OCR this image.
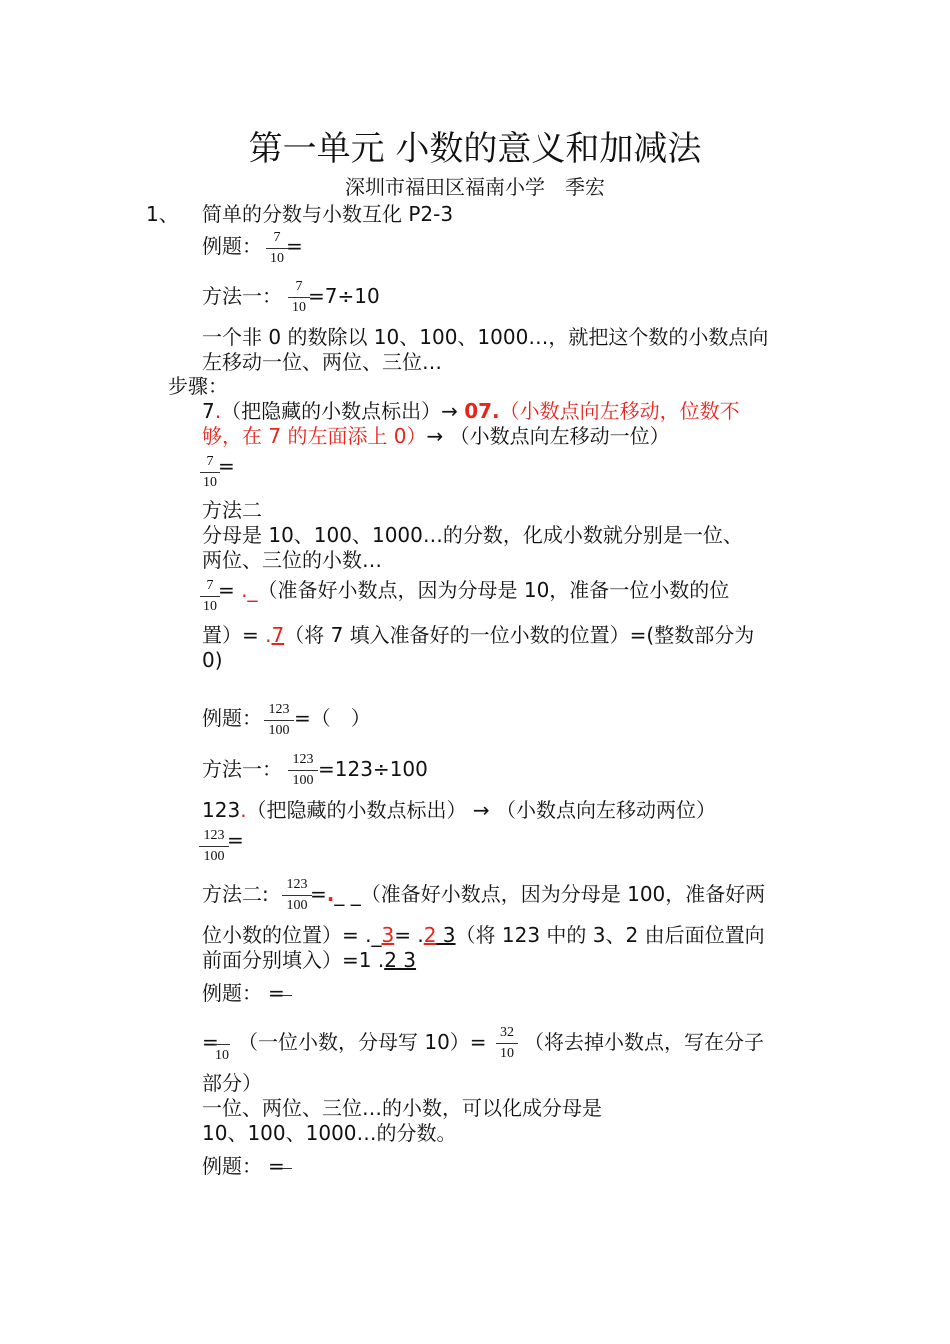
第一单元 小数的意义和加减法
深圳市福田区福南小学　季宏
1、 简单的分数与小数互化 P2-3
例题： 7
10
=
方法一： 7
10 =7÷10
一个非 0 的数除以 10、100、1000…，就把这个数的小数点向
左移动一位、两位、三位…
步骤：
7.（把隐藏的小数点标出）→ 07.（小数点向左移动，位数不
够，在 7 的左面添上 0）→ （小数点向左移动一位）
7
10
=
方法二
分母是 10、100、1000…的分数，化成小数就分别是一位、
两位、三位的小数…
7
10
= ._（准备好小数点，因为分母是 10，准备一位小数的位
置）= .7（将 7 填入准备好的一位小数的位置）=(整数部分为
0)
例题： 123
100
=（　）
方法一： 123
100 =123÷100
123.（把隐藏的小数点标出） → （小数点向左移动两位）
123
100
=
方法二:	123
100 =._ _（准备好小数点，因为分母是 100，准备好两
位小数的位置）= ._3= .2 3（将 123 中的 3、2 由后面位置向
前面分别填入）=1 .2 3
例题： =
=
10
（一位小数，分母写 10）= 32
10 （将去掉小数点，写在分子
部分）
一位、两位、三位…的小数，可以化成分母是
10、100、1000…的分数。
例题： =
